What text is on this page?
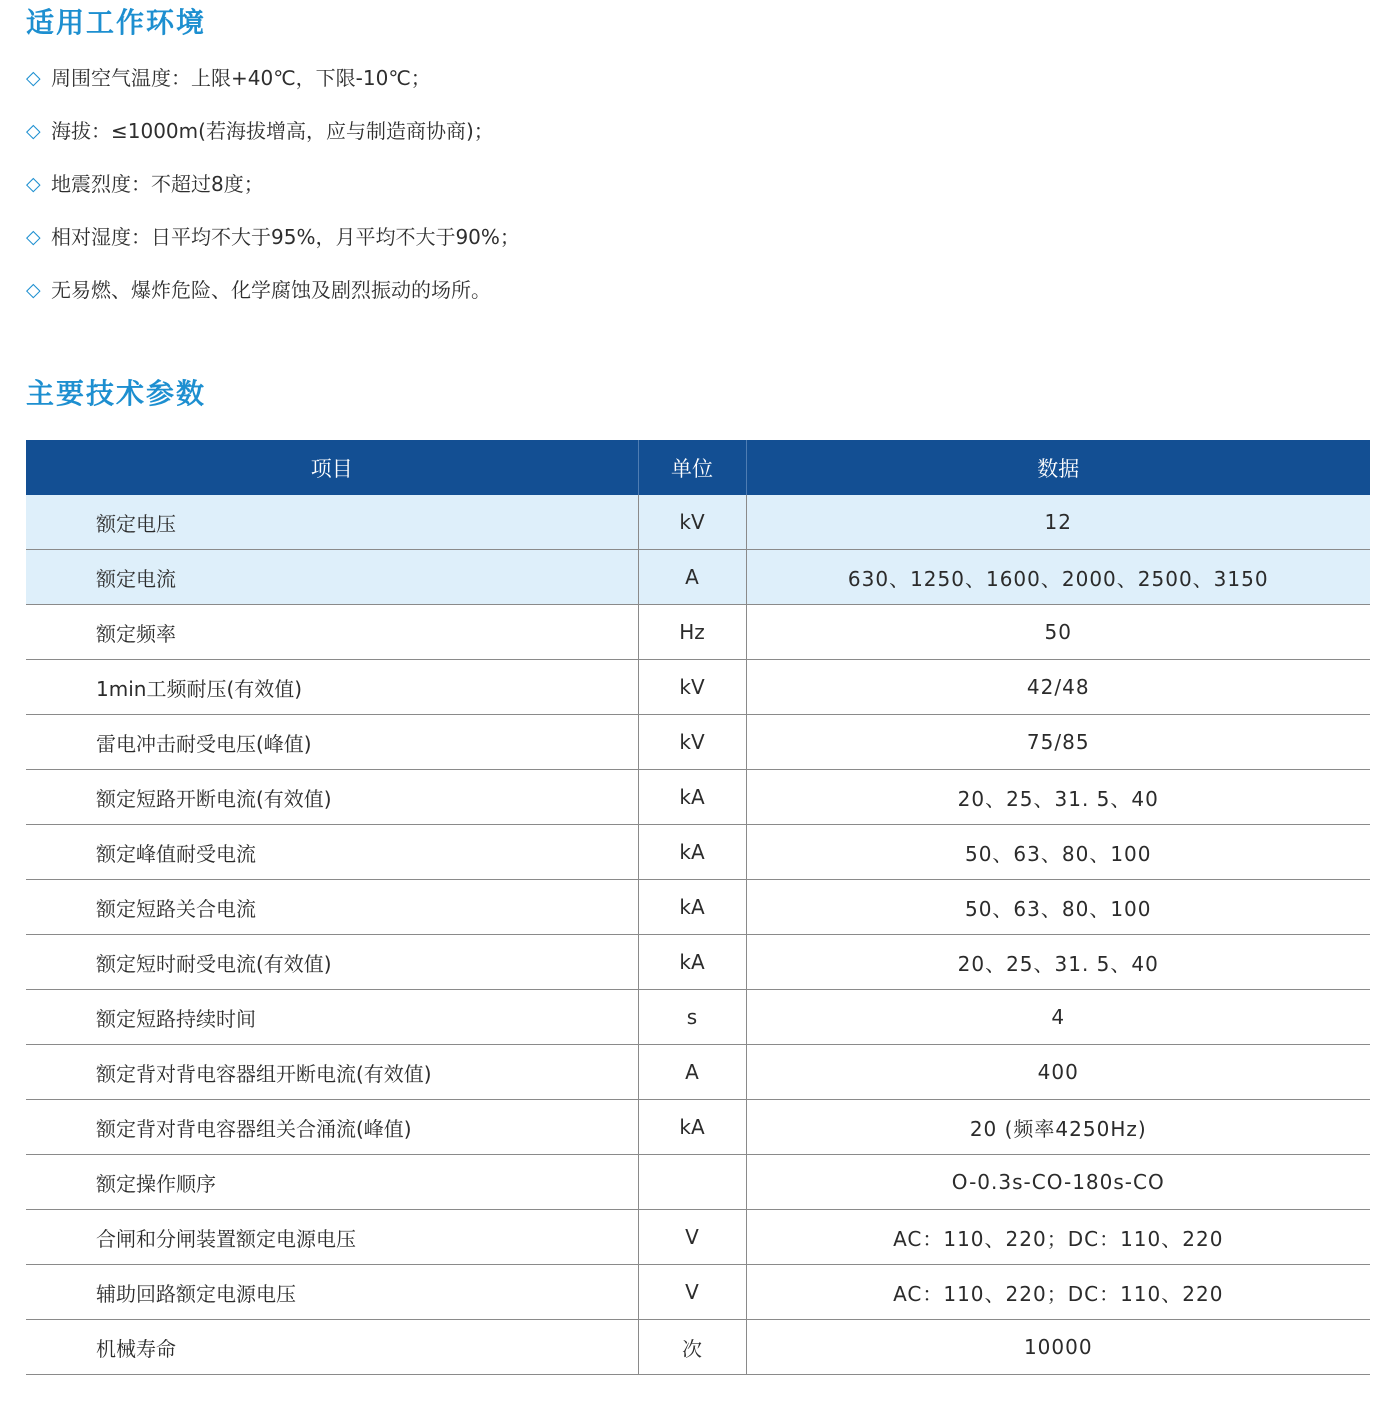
适用工作环境
◇ 周围空气温度：上限+40℃，下限-10℃；
◇ 海拔：≤1000m(若海拔增高，应与制造商协商)；
◇ 地震烈度：不超过8度；
◇ 相对湿度：日平均不大于95%，月平均不大于90%；
◇ 无易燃、爆炸危险、化学腐蚀及剧烈振动的场所。
主要技术参数
项目	单位	数据
额定电压	kV	12
额定电流	A	630、1250、1600、2000、2500、3150
额定频率	Hz	50
1min工频耐压(有效值)	kV	42/48
雷电冲击耐受电压(峰值)	kV	75/85
额定短路开断电流(有效值)	kA	20、25、31. 5、40
额定峰值耐受电流	kA	50、63、80、100
额定短路关合电流	kA	50、63、80、100
额定短时耐受电流(有效值)	kA	20、25、31. 5、40
额定短路持续时间	s	4
额定背对背电容器组开断电流(有效值)	A	400
额定背对背电容器组关合涌流(峰值)	kA	20 (频率4250Hz)
额定操作顺序		O-0.3s-CO-180s-CO
合闸和分闸装置额定电源电压	V	AC：110、220；DC：110、220
辅助回路额定电源电压	V	AC：110、220；DC：110、220
机械寿命	次	10000
